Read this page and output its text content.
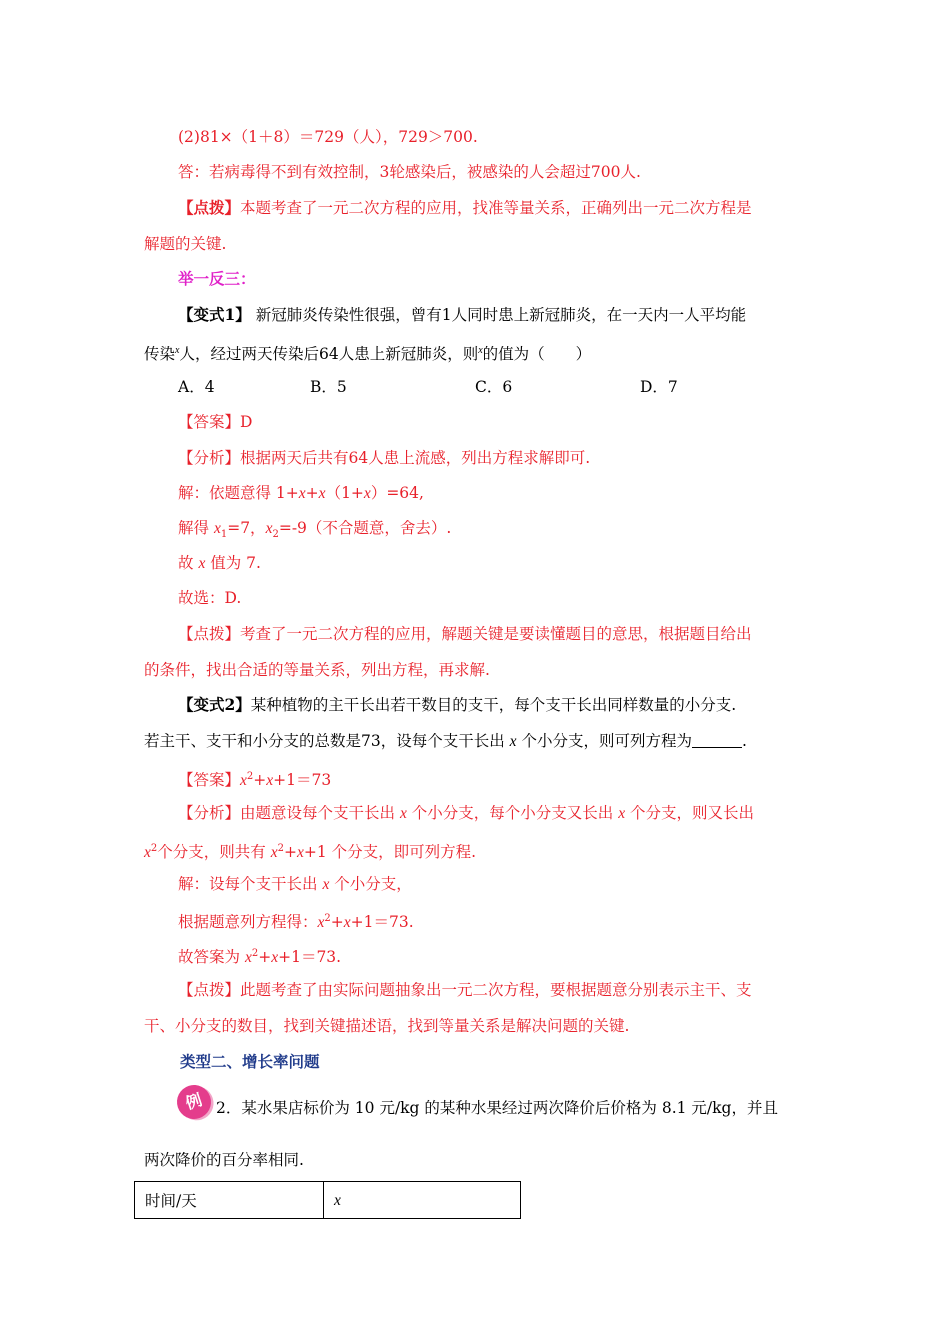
(2)81×（1＋8）＝729（人），729＞700.
答：若病毒得不到有效控制，3轮感染后，被感染的人会超过700人.
【点拨】本题考查了一元二次方程的应用，找准等量关系，正确列出一元二次方程是
解题的关键.
举一反三：
【变式1】 新冠肺炎传染性很强，曾有1人同时患上新冠肺炎，在一天内一人平均能
传染$^x$人，经过两天传染后64人患上新冠肺炎，则$^x$的值为（　　）
A．4	B．5	C．6	D．7
【答案】D
【分析】根据两天后共有64人患上流感，列出方程求解即可.
解：依题意得 1+x+x（1+x）=64,
解得 $x_1=7$，$x_2=-9$（不合题意，舍去）.
故 x 值为 7.
故选：D.
【点拨】考查了一元二次方程的应用，解题关键是要读懂题目的意思，根据题目给出
的条件，找出合适的等量关系，列出方程，再求解.
【变式2】某种植物的主干长出若干数目的支干，每个支干长出同样数量的小分支.
若主干、支干和小分支的总数是73，设每个支干长出 x 个小分支，则可列方程为	.
【答案】$x^2+x+1=73$
【分析】由题意设每个支干长出 x 个小分支，每个小分支又长出 x 个分支，则又长出
$x^2$个分支，则共有 $x^2+x+1$ 个分支，即可列方程.
解：设每个支干长出 x 个小分支，
根据题意列方程得：$x^2+x+1=73$.
故答案为 $x^2+x+1=73$.
【点拨】此题考查了由实际问题抽象出一元二次方程，要根据题意分别表示主干、支
干、小分支的数目，找到关键描述语，找到等量关系是解决问题的关键.
类型二、增长率问题
例 2．某水果店标价为 10 元/kg 的某种水果经过两次降价后价格为 8.1 元/kg，并且
两次降价的百分率相同.
时间/天	x
